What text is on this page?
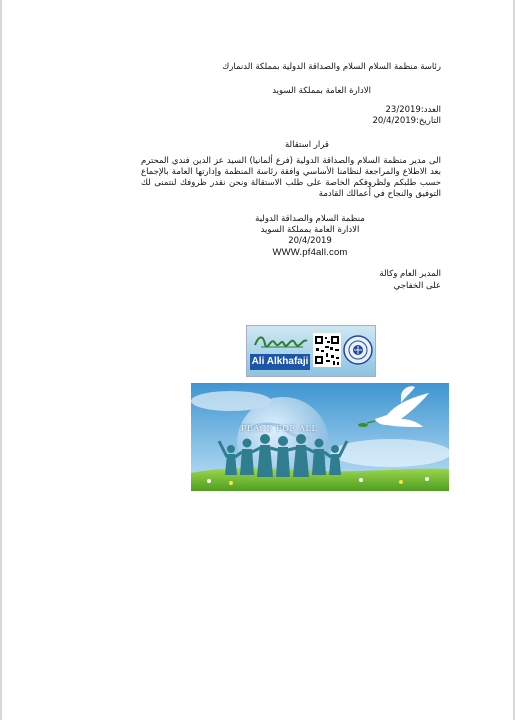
رئاسة منظمة السلام السلام والصداقة الدولية بمملكة الدنمارك
الادارة العامة بمملكة السويد
العدد:23/2019
التاريخ:20/4/2019
قرار استقالة
الى مدير منظمة السلام والصداقة الدولية (فرع ألمانيا) السيد عز الدين فندي المحترم بعد الاطلاع والمراجعة لنظامنا الأساسي وافقة رئاسة المنظمة وإدارتها العامة بالإجماع حسب طلبكم ولظروفكم الخاصة على طلب الاستقالة ونحن نقدر ظروفك لنتمنى لك التوفيق والنجاح في أعمالك القادمة
منظمة السلام والصداقة الدولية
الادارة العامة بمملكة السويد
20/4/2019
WWW.pf4all.com
المدير العام وكالة
على الخفاجي
Ali Alkhafaji
PEACE FOR ALL
